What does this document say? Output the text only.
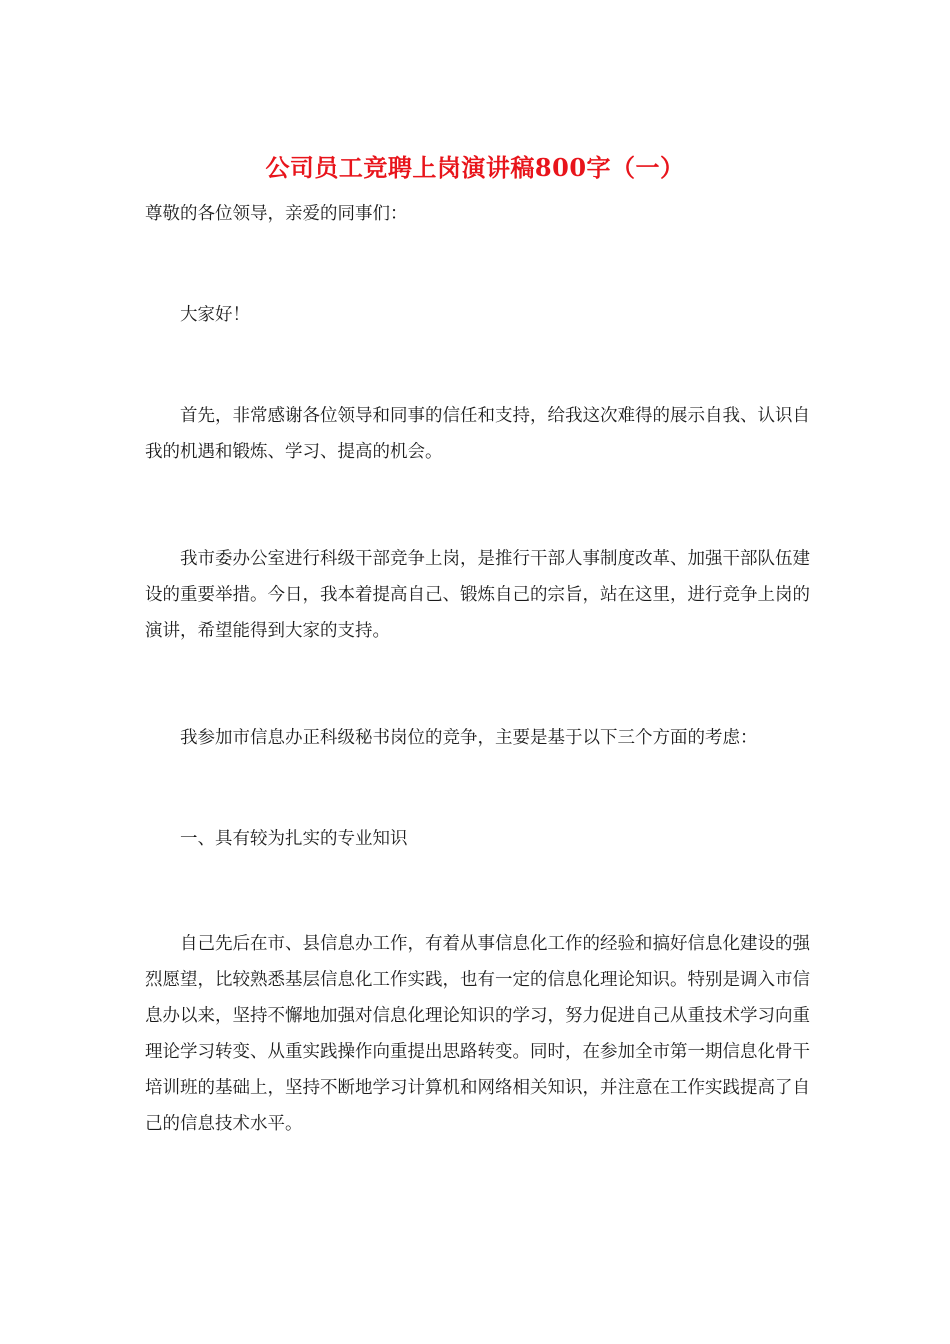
公司员工竞聘上岗演讲稿800字（一）

尊敬的各位领导，亲爱的同事们：

大家好！

首先，非常感谢各位领导和同事的信任和支持，给我这次难得的展示自我、认识自我的机遇和锻炼、学习、提高的机会。

我市委办公室进行科级干部竞争上岗，是推行干部人事制度改革、加强干部队伍建设的重要举措。今日，我本着提高自己、锻炼自己的宗旨，站在这里，进行竞争上岗的演讲，希望能得到大家的支持。

我参加市信息办正科级秘书岗位的竞争，主要是基于以下三个方面的考虑：

一、具有较为扎实的专业知识

自己先后在市、县信息办工作，有着从事信息化工作的经验和搞好信息化建设的强烈愿望，比较熟悉基层信息化工作实践，也有一定的信息化理论知识。特别是调入市信息办以来，坚持不懈地加强对信息化理论知识的学习，努力促进自己从重技术学习向重理论学习转变、从重实践操作向重提出思路转变。同时，在参加全市第一期信息化骨干培训班的基础上，坚持不断地学习计算机和网络相关知识，并注意在工作实践提高了自己的信息技术水平。
